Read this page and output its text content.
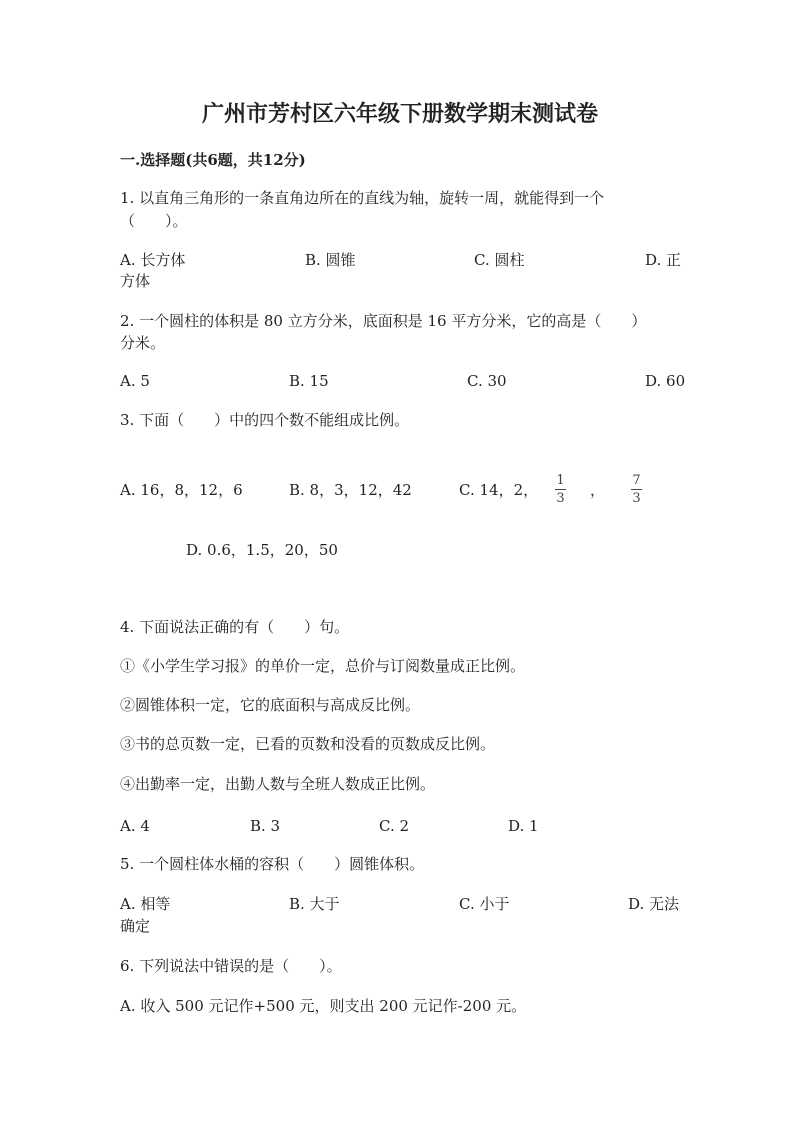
广州市芳村区六年级下册数学期末测试卷
一.选择题(共6题，共12分)
1. 以直角三角形的一条直角边所在的直线为轴，旋转一周，就能得到一个
（　　）。
A. 长方体	B. 圆锥	C. 圆柱	D. 正
方体
2. 一个圆柱的体积是 80 立方分米，底面积是 16 平方分米，它的高是（　　）
分米。
A. 5	B. 15	C. 30	D. 60
3. 下面（　　）中的四个数不能组成比例。
A. 16，8，12，6	B. 8，3，12，42	C. 14，2，
1
3 ，
7
3
D. 0.6，1.5，20，50
4. 下面说法正确的有（　　）句。
①《小学生学习报》的单价一定，总价与订阅数量成正比例。
②圆锥体积一定，它的底面积与高成反比例。
③书的总页数一定，已看的页数和没看的页数成反比例。
④出勤率一定，出勤人数与全班人数成正比例。
A. 4	B. 3	C. 2	D. 1
5. 一个圆柱体水桶的容积（　　）圆锥体积。
A. 相等	B. 大于	C. 小于	D. 无法
确定
6. 下列说法中错误的是（　　）。
A. 收入 500 元记作+500 元，则支出 200 元记作-200 元。
